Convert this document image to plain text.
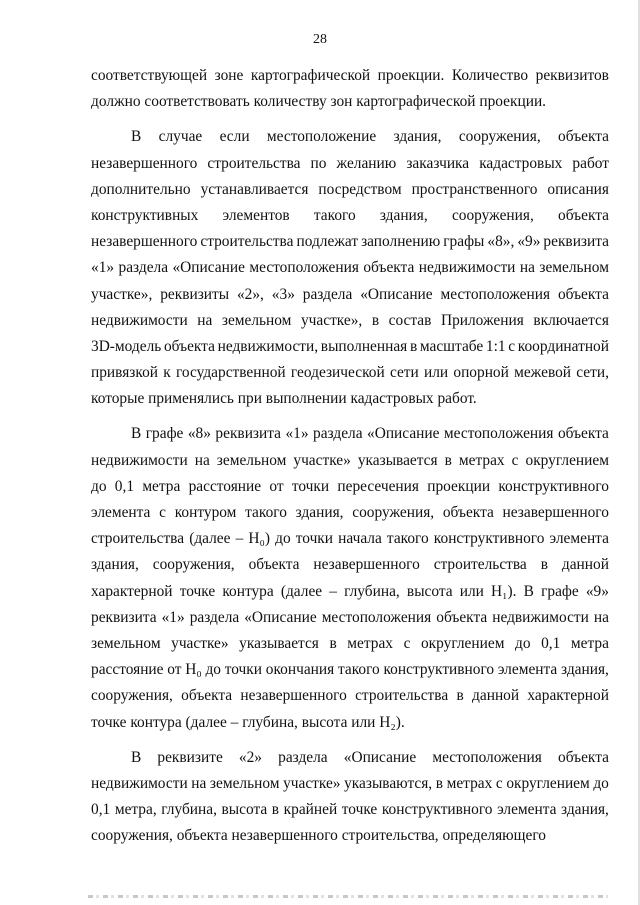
28
соответствующей зоне картографической проекции. Количество реквизитов
должно соответствовать количеству зон картографической проекции.
В случае если местоположение здания, сооружения, объекта
незавершенного строительства по желанию заказчика кадастровых работ
дополнительно устанавливается посредством пространственного описания
конструктивных элементов такого здания, сооружения, объекта
незавершенного строительства подлежат заполнению графы «8», «9» реквизита
«1» раздела «Описание местоположения объекта недвижимости на земельном
участке», реквизиты «2», «3» раздела «Описание местоположения объекта
недвижимости на земельном участке», в состав Приложения включается
3D-модель объекта недвижимости, выполненная в масштабе 1:1 с координатной
привязкой к государственной геодезической сети или опорной межевой сети,
которые применялись при выполнении кадастровых работ.
В графе «8» реквизита «1» раздела «Описание местоположения объекта
недвижимости на земельном участке» указывается в метрах с округлением
до 0,1 метра расстояние от точки пересечения проекции конструктивного
элемента с контуром такого здания, сооружения, объекта незавершенного
строительства (далее – H₀) до точки начала такого конструктивного элемента
здания, сооружения, объекта незавершенного строительства в данной
характерной точке контура (далее – глубина, высота или H₁). В графе «9»
реквизита «1» раздела «Описание местоположения объекта недвижимости на
земельном участке» указывается в метрах с округлением до 0,1 метра
расстояние от H₀ до точки окончания такого конструктивного элемента здания,
сооружения, объекта незавершенного строительства в данной характерной
точке контура (далее – глубина, высота или H₂).
В реквизите «2» раздела «Описание местоположения объекта
недвижимости на земельном участке» указываются, в метрах с округлением до
0,1 метра, глубина, высота в крайней точке конструктивного элемента здания,
сооружения, объекта незавершенного строительства, определяющего
